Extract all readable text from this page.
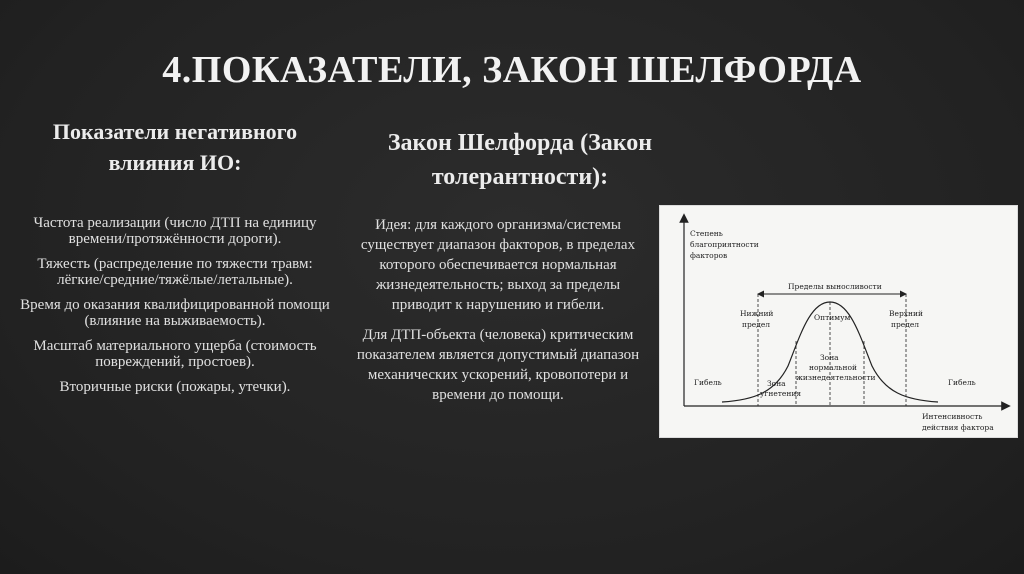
4.ПОКАЗАТЕЛИ, ЗАКОН ШЕЛФОРДА
Показатели негативного влияния ИО:
Закон Шелфорда (Закон толерантности):

Частота реализации (число ДТП на единицу времени/протяжённости дороги).

Тяжесть (распределение по тяжести травм: лёгкие/средние/тяжёлые/летальные).

Время до оказания квалифицированной помощи (влияние на выживаемость).

Масштаб материального ущерба (стоимость повреждений, простоев).

Вторичные риски (пожары, утечки).

Идея: для каждого организма/системы существует диапазон факторов, в пределах которого обеспечивается нормальная жизнедеятельность; выход за пределы приводит к нарушению и гибели.

Для ДТП-объекта (человека) критическим показателем является допустимый диапазон механических ускорений, кровопотери и времени до помощи.

Степень благоприятности факторов
Интенсивность действия фактора
Пределы выносливости
Нижний предел
Верхний предел
Оптимум
Зона угнетения
Зона нормальной жизнедеятельности
Гибель	Гибель
